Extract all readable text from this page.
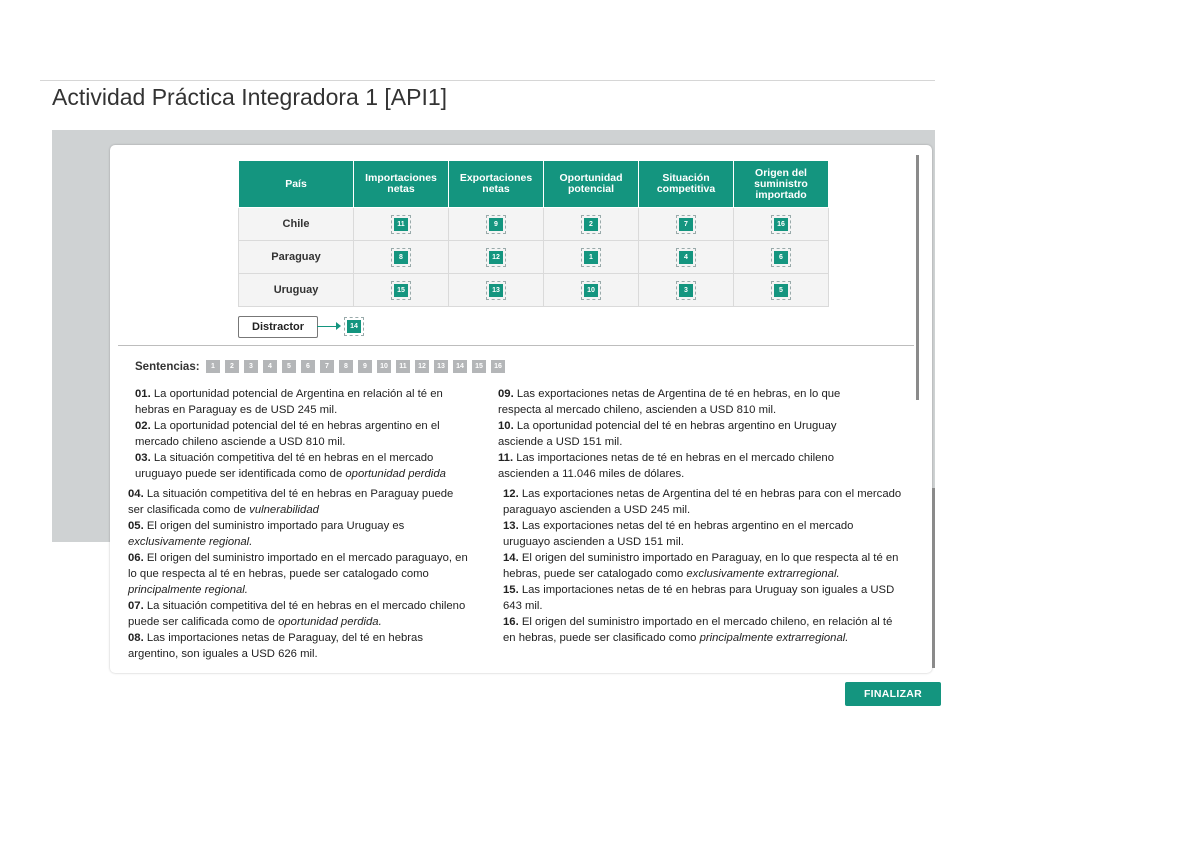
Actividad Práctica Integradora 1 [API1]
País	Importaciones netas	Exportaciones netas	Oportunidad potencial	Situación competitiva	Origen del suministro importado
Chile	11	9	2	7	16
Paraguay	8	12	1	4	6
Uruguay	15	13	10	3	5
Distractor	14
Sentencias:	1	2	3	4	5	6	7	8	9	10	11	12	13	14	15	16

01. La oportunidad potencial de Argentina en relación al té en hebras en Paraguay es de USD 245 mil.

02. La oportunidad potencial del té en hebras argentino en el mercado chileno asciende a USD 810 mil.

03. La situación competitiva del té en hebras en el mercado uruguayo puede ser identificada como de oportunidad perdida

04. La situación competitiva del té en hebras en Paraguay puede ser clasificada como de vulnerabilidad

05. El origen del suministro importado para Uruguay es exclusivamente regional.

06. El origen del suministro importado en el mercado paraguayo, en lo que respecta al té en hebras, puede ser catalogado como principalmente regional.

07. La situación competitiva del té en hebras en el mercado chileno puede ser calificada como de oportunidad perdida.

08. Las importaciones netas de Paraguay, del té en hebras argentino, son iguales a USD 626 mil.

09. Las exportaciones netas de Argentina de té en hebras, en lo que respecta al mercado chileno, ascienden a USD 810 mil.

10. La oportunidad potencial del té en hebras argentino en Uruguay asciende a USD 151 mil.

11. Las importaciones netas de té en hebras en el mercado chileno ascienden a 11.046 miles de dólares.

12. Las exportaciones netas de Argentina del té en hebras para con el mercado paraguayo ascienden a USD 245 mil.

13. Las exportaciones netas del té en hebras argentino en el mercado uruguayo ascienden a USD 151 mil.

14. El origen del suministro importado en Paraguay, en lo que respecta al té en hebras, puede ser catalogado como exclusivamente extrarregional.

15. Las importaciones netas de té en hebras para Uruguay son iguales a USD 643 mil.

16. El origen del suministro importado en el mercado chileno, en relación al té en hebras, puede ser clasificado como principalmente extrarregional.

FINALIZAR
